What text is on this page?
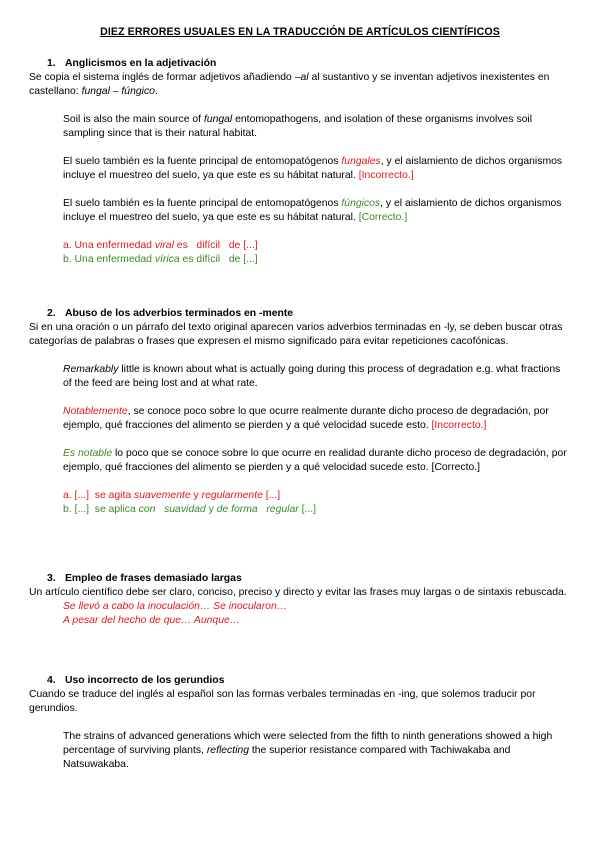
DIEZ ERRORES USUALES EN LA TRADUCCIÓN DE ARTÍCULOS CIENTÍFICOS
1. Anglicismos en la adjetivación

Se copia el sistema inglés de formar adjetivos añadiendo –al al sustantivo y se inventan adjetivos inexistentes en castellano: fungal – fúngico.

Soil is also the main source of fungal entomopathogens, and isolation of these organisms involves soil sampling since that is their natural habitat.

El suelo también es la fuente principal de entomopatógenos fungales, y el aislamiento de dichos organismos incluye el muestreo del suelo, ya que este es su hábitat natural. [Incorrecto.]

El suelo también es la fuente principal de entomopatógenos fúngicos, y el aislamiento de dichos organismos incluye el muestreo del suelo, ya que este es su hábitat natural. [Correcto.]

a. Una enfermedad viral es   difícil   de [...]

b. Una enfermedad vírica es difícil   de [...]

2. Abuso de los adverbios terminados en -mente

Si en una oración o un párrafo del texto original aparecen varios adverbios terminadas en -ly, se deben buscar otras categorías de palabras o frases que expresen el mismo significado para evitar repeticiones cacofónicas.

Remarkably little is known about what is actually going during this process of degradation e.g. what fractions of the feed are being lost and at what rate.

Notablemente, se conoce poco sobre lo que ocurre realmente durante dicho proceso de degradación, por ejemplo, qué fracciones del alimento se pierden y a qué velocidad sucede esto. [Incorrecto.]

Es notable lo poco que se conoce sobre lo que ocurre en realidad durante dicho proceso de degradación, por ejemplo, qué fracciones del alimento se pierden y a qué velocidad sucede esto. [Correcto.]

a. [...]  se agita suavemente y regularmente [...]

b. [...]  se aplica con   suavidad y de forma   regular [...]

3. Empleo de frases demasiado largas

Un artículo científico debe ser claro, conciso, preciso y directo y evitar las frases muy largas o de sintaxis rebuscada.

Se llevó a cabo la inoculación… Se inocularon…

A pesar del hecho de que… Aunque…

4. Uso incorrecto de los gerundios

Cuando se traduce del inglés al español son las formas verbales terminadas en -ing, que solemos traducir por gerundios.

The strains of advanced generations which were selected from the fifth to ninth generations showed a high percentage of surviving plants, reflecting the superior resistance compared with Tachiwakaba and Natsuwakaba.
